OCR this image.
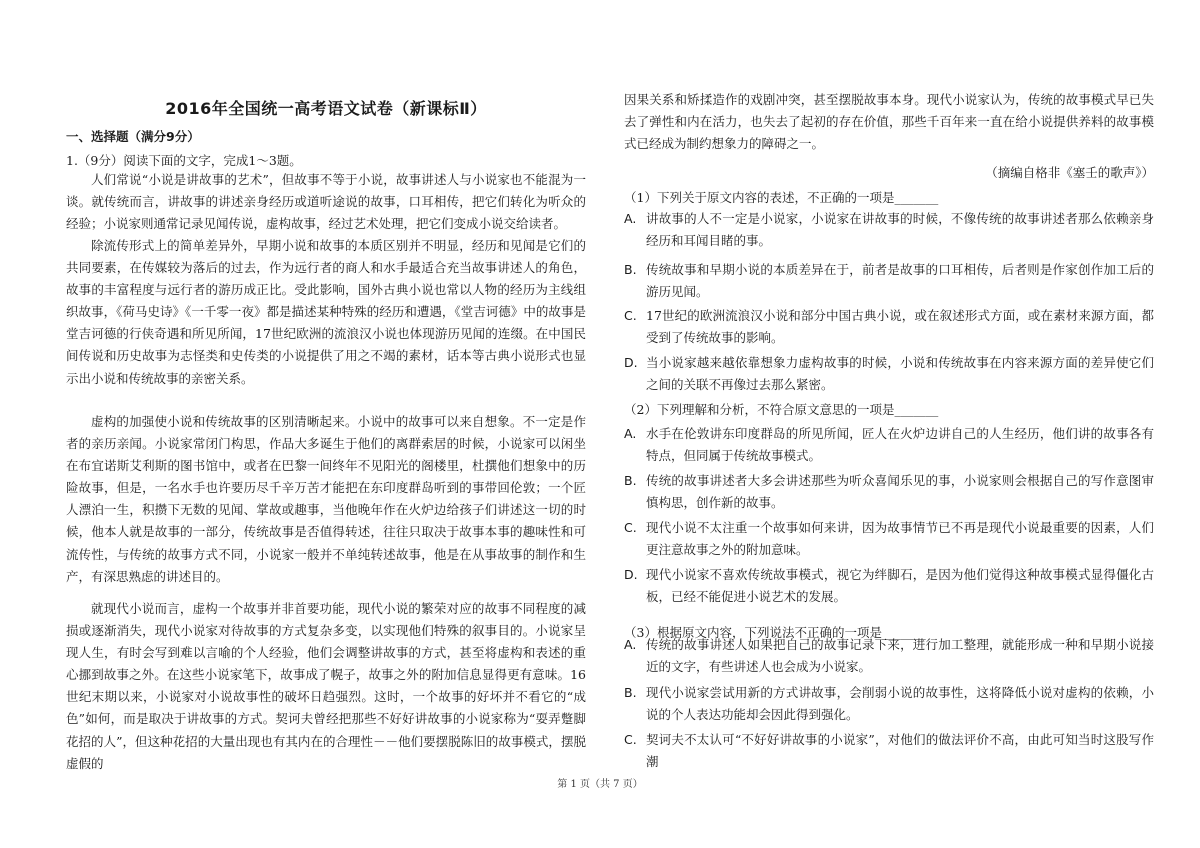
2016年全国统一高考语文试卷（新课标Ⅱ）
一、选择题（满分9分）
1.（9分）阅读下面的文字，完成1～3题。

人们常说“小说是讲故事的艺术”，但故事不等于小说，故事讲述人与小说家也不能混为一谈。就传统而言，讲故事的讲述亲身经历或道听途说的故事，口耳相传，把它们转化为听众的经验；小说家则通常记录见闻传说，虚构故事，经过艺术处理，把它们变成小说交给读者。

除流传形式上的简单差异外，早期小说和故事的本质区别并不明显，经历和见闻是它们的共同要素，在传媒较为落后的过去，作为远行者的商人和水手最适合充当故事讲述人的角色，故事的丰富程度与远行者的游历成正比。受此影响，国外古典小说也常以人物的经历为主线组织故事，《荷马史诗》《一千零一夜》都是描述某种特殊的经历和遭遇，《堂吉诃德》中的故事是堂吉诃德的行侠奇遇和所见所闻，17世纪欧洲的流浪汉小说也体现游历见闻的连缀。在中国民间传说和历史故事为志怪类和史传类的小说提供了用之不竭的素材，话本等古典小说形式也显示出小说和传统故事的亲密关系。

虚构的加强使小说和传统故事的区别清晰起来。小说中的故事可以来自想象。不一定是作者的亲历亲闻。小说家常闭门构思，作品大多诞生于他们的离群索居的时候，小说家可以闲坐在布宜诺斯艾利斯的图书馆中，或者在巴黎一间终年不见阳光的阁楼里，杜撰他们想象中的历险故事，但是，一名水手也许要历尽千辛万苦才能把在东印度群岛听到的事带回伦敦；一个匠人漂泊一生，积攒下无数的见闻、掌故或趣事，当他晚年作在火炉边给孩子们讲述这一切的时候，他本人就是故事的一部分，传统故事是否值得转述，往往只取决于故事本事的趣味性和可流传性，与传统的故事方式不同，小说家一般并不单纯转述故事，他是在从事故事的制作和生产，有深思熟虑的讲述目的。

就现代小说而言，虚构一个故事并非首要功能，现代小说的繁荣对应的故事不同程度的减损或逐渐消失，现代小说家对待故事的方式复杂多变，以实现他们特殊的叙事目的。小说家呈现人生，有时会写到难以言喻的个人经验，他们会调整讲故事的方式，甚至将虚构和表述的重心挪到故事之外。在这些小说家笔下，故事成了幌子，故事之外的附加信息显得更有意味。16世纪末期以来，小说家对小说故事性的破坏日趋强烈。这时，一个故事的好坏并不看它的“成色”如何，而是取决于讲故事的方式。契诃夫曾经把那些不好好讲故事的小说家称为“耍弄蹩脚花招的人”，但这种花招的大量出现也有其内在的合理性－－他们要摆脱陈旧的故事模式，摆脱虚假的

因果关系和矫揉造作的戏剧冲突，甚至摆脱故事本身。现代小说家认为，传统的故事模式早已失去了弹性和内在活力，也失去了起初的存在价值，那些千百年来一直在给小说提供养料的故事模式已经成为制约想象力的障碍之一。
（摘编自格非《塞壬的歌声》）
（1）下列关于原文内容的表述，不正确的一项是_______
A. 讲故事的人不一定是小说家，小说家在讲故事的时候，不像传统的故事讲述者那么依赖亲身经历和耳闻目睹的事。
B. 传统故事和早期小说的本质差异在于，前者是故事的口耳相传，后者则是作家创作加工后的游历见闻。
C. 17世纪的欧洲流浪汉小说和部分中国古典小说，或在叙述形式方面，或在素材来源方面，都受到了传统故事的影响。
D. 当小说家越来越依靠想象力虚构故事的时候，小说和传统故事在内容来源方面的差异使它们之间的关联不再像过去那么紧密。
（2）下列理解和分析，不符合原文意思的一项是_______
A. 水手在伦敦讲东印度群岛的所见所闻，匠人在火炉边讲自己的人生经历，他们讲的故事各有特点，但同属于传统故事模式。
B. 传统的故事讲述者大多会讲述那些为听众喜闻乐见的事，小说家则会根据自己的写作意图审慎构思，创作新的故事。
C. 现代小说不太注重一个故事如何来讲，因为故事情节已不再是现代小说最重要的因素，人们更注意故事之外的附加意味。
D. 现代小说家不喜欢传统故事模式，视它为绊脚石，是因为他们觉得这种故事模式显得僵化古板，已经不能促进小说艺术的发展。
（3）根据原文内容，下列说法不正确的一项是_______
A. 传统的故事讲述人如果把自己的故事记录下来，进行加工整理，就能形成一种和早期小说接近的文字，有些讲述人也会成为小说家。
B. 现代小说家尝试用新的方式讲故事，会削弱小说的故事性，这将降低小说对虚构的依赖，小说的个人表达功能却会因此得到强化。
C. 契诃夫不太认可“不好好讲故事的小说家”，对他们的做法评价不高，由此可知当时这股写作潮
第 1 页（共 7 页）
